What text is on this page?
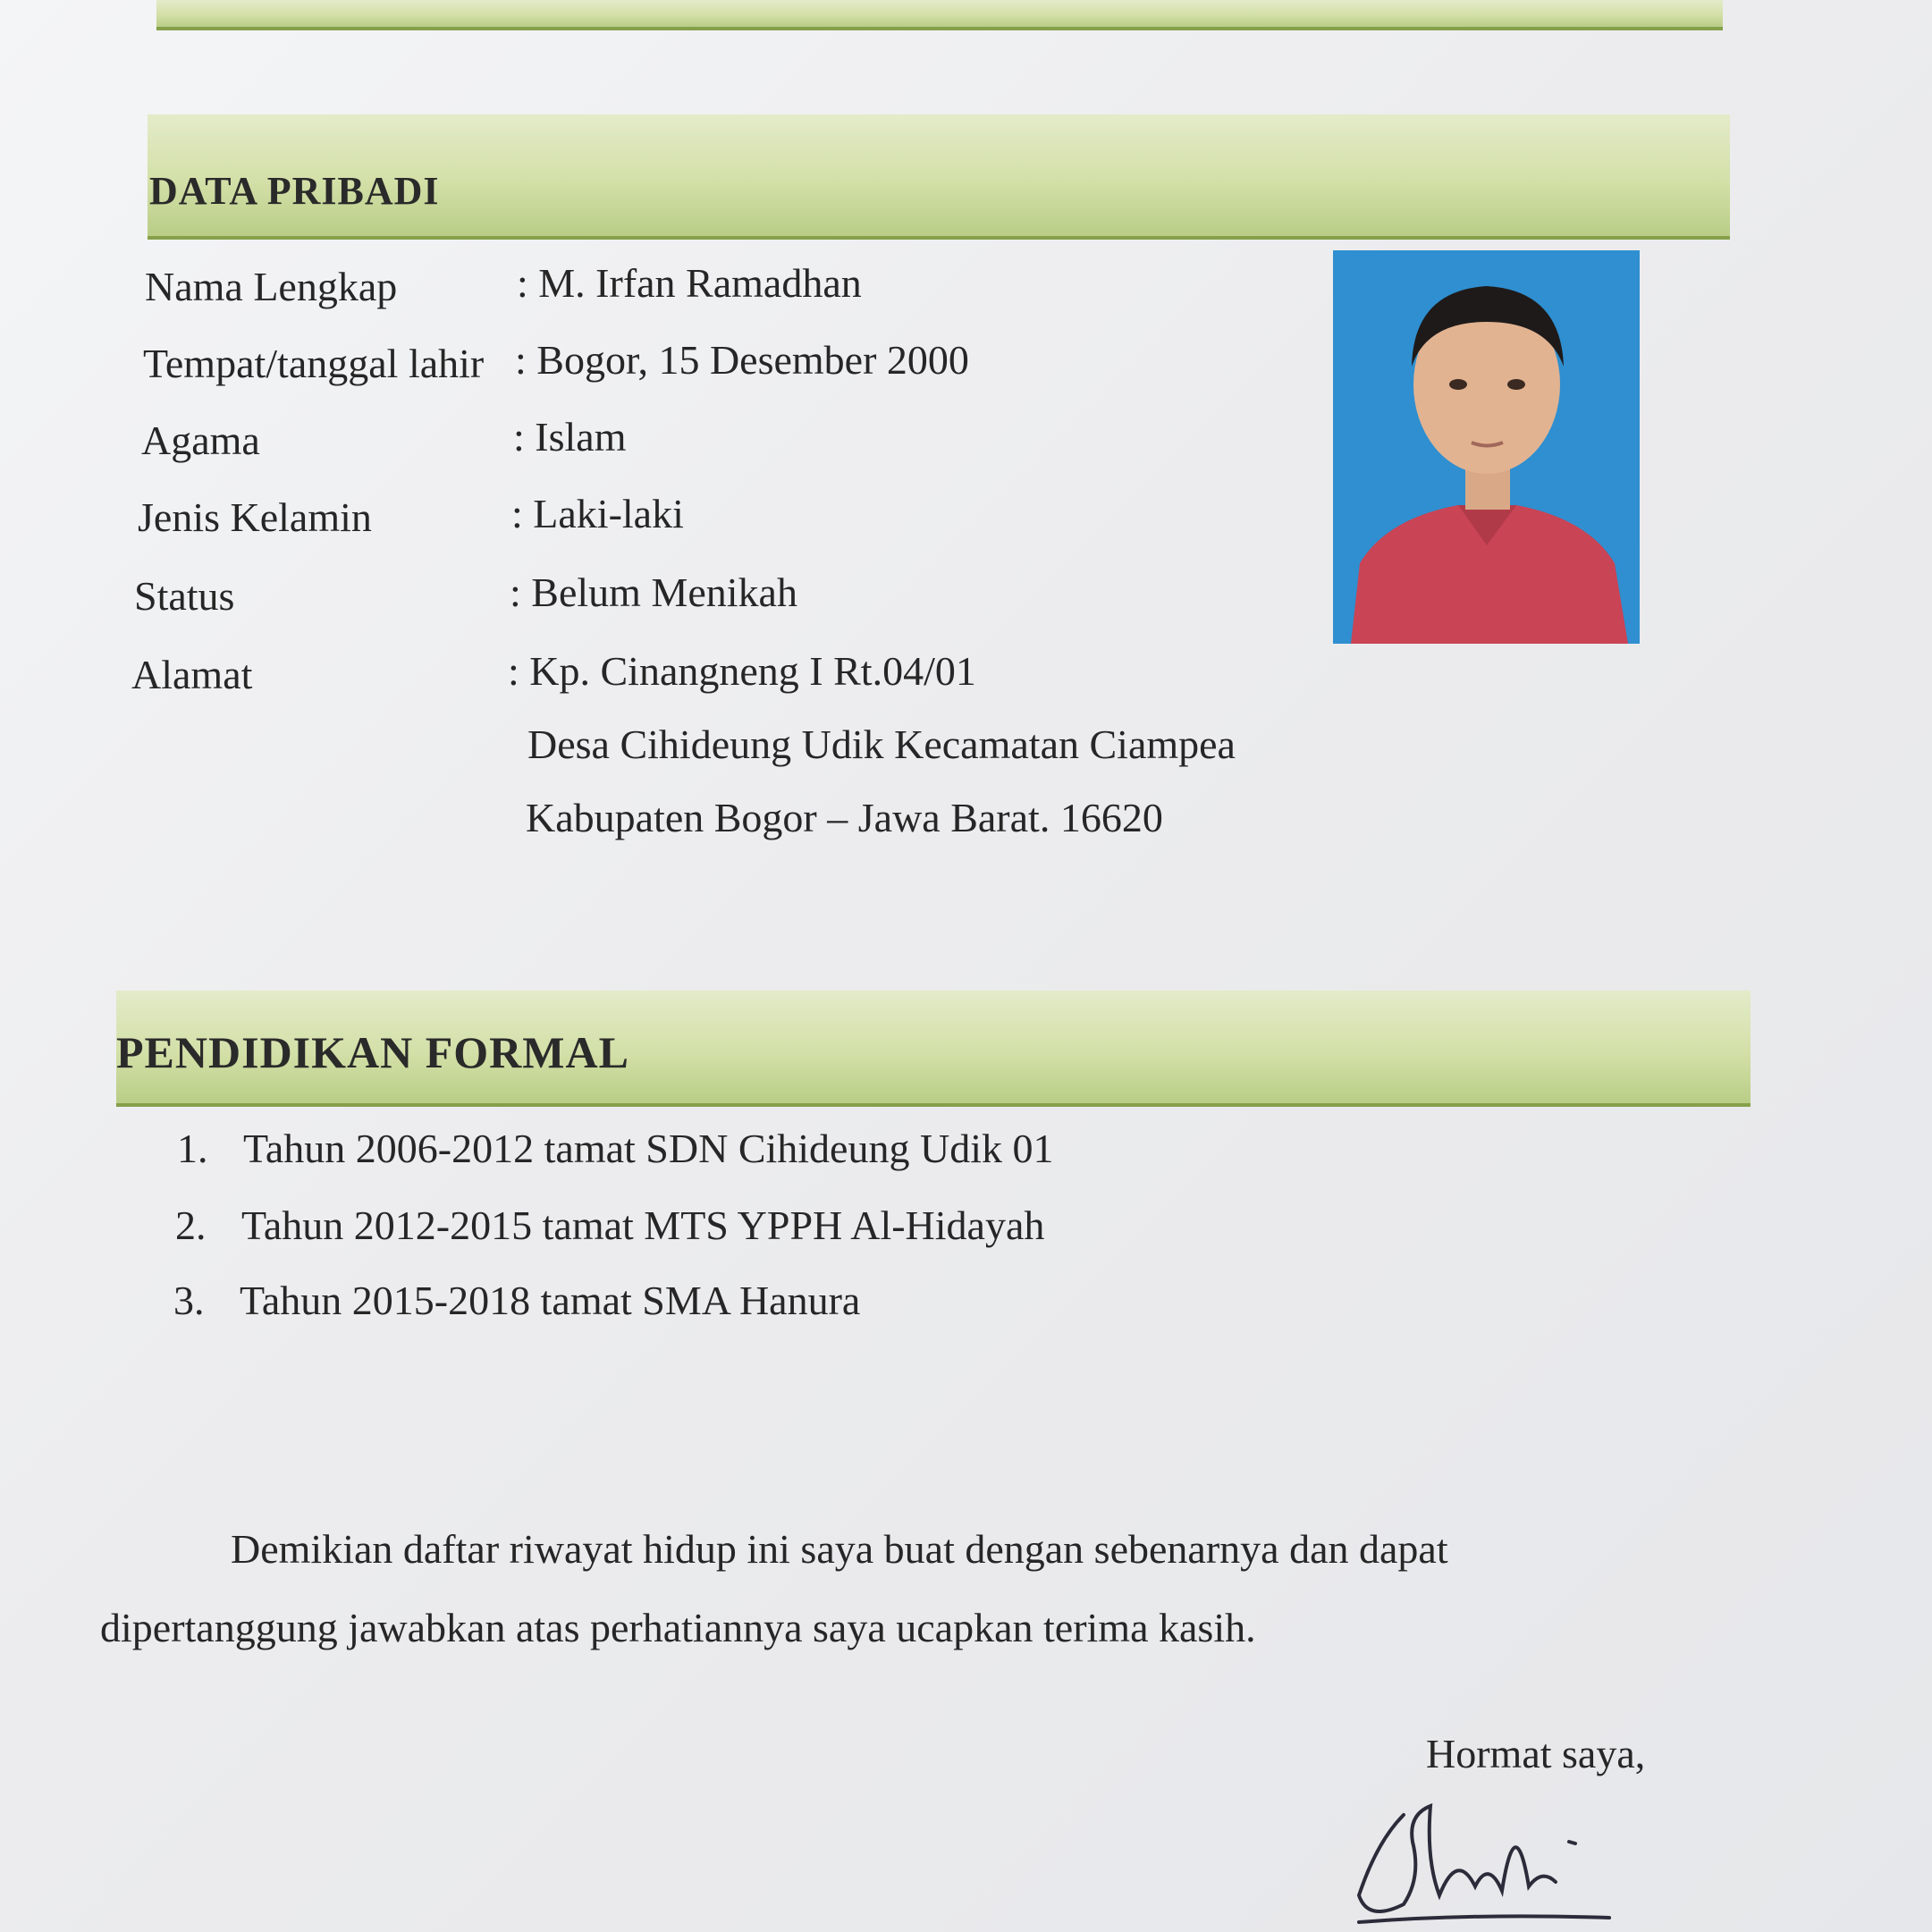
DATA PRIBADI
Nama Lengkap
Tempat/tanggal lahir
Agama
Jenis Kelamin
Status
Alamat
: M. Irfan Ramadhan
: Bogor, 15 Desember 2000
: Islam
: Laki-laki
: Belum Menikah
: Kp. Cinangneng I Rt.04/01
Desa Cihideung Udik Kecamatan Ciampea
Kabupaten Bogor – Jawa Barat. 16620
PENDIDIKAN FORMAL
1. Tahun 2006-2012 tamat SDN Cihideung Udik 01
2. Tahun 2012-2015 tamat MTS YPPH Al-Hidayah
3. Tahun 2015-2018 tamat SMA Hanura
Demikian daftar riwayat hidup ini saya buat dengan sebenarnya dan dapat
dipertanggung jawabkan atas perhatiannya saya ucapkan terima kasih.
Hormat saya,
